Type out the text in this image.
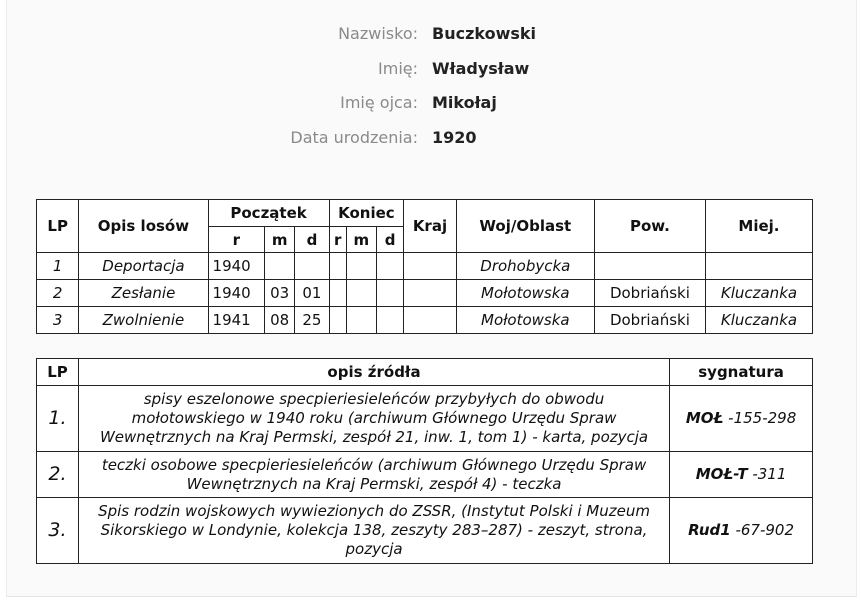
Nazwisko: Buczkowski
Imię: Władysław
Imię ojca: Mikołaj
Data urodzenia: 1920
LP	Opis losów	Początek			Koniec			Kraj	Woj/Oblast	Pow.	Miej.
		r	m	d	r	m	d				
1	Deportacja	1940							Drohobycka		
2	Zesłanie	1940	03	01					Mołotowska	Dobriański	Kluczanka
3	Zwolnienie	1941	08	25					Mołotowska	Dobriański	Kluczanka
LP	opis źródła	sygnatura
1.	spisy eszelonowe specpieriesieleńców przybyłych do obwodu mołotowskiego w 1940 roku (archiwum Głównego Urzędu Spraw Wewnętrznych na Kraj Permski, zespół 21, inw. 1, tom 1) - karta, pozycja	MOŁ -155-298
2.	teczki osobowe specpieriesieleńców (archiwum Głównego Urzędu Spraw Wewnętrznych na Kraj Permski, zespół 4) - teczka	MOŁ-T -311
3.	Spis rodzin wojskowych wywiezionych do ZSSR, (Instytut Polski i Muzeum Sikorskiego w Londynie, kolekcja 138, zeszyty 283–287) - zeszyt, strona, pozycja	Rud1 -67-902
